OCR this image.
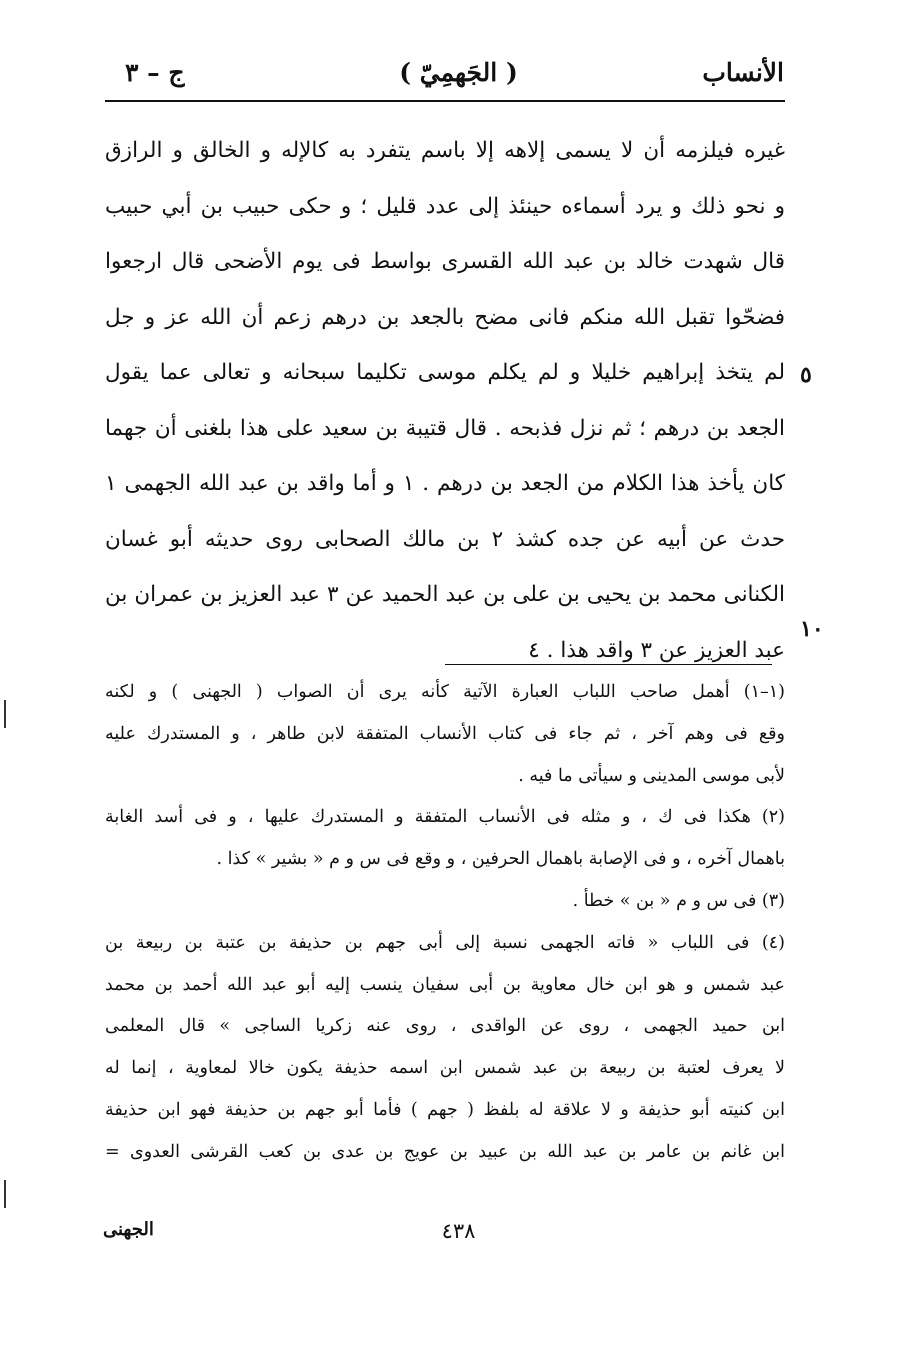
الأنساب
( الجَهمِيّ )
ج – ٣
غيره فيلزمه أن لا يسمى إلاهه إلا باسم يتفرد به كالإله و الخالق و الرازق
و نحو ذلك و يرد أسماءه حينئذ إلى عدد قليل ؛ و حكى حبيب بن أبي حبيب
قال شهدت خالد بن عبد الله القسرى بواسط فى يوم الأضحى قال ارجعوا
فضحّوا تقبل الله منكم فانى مضح بالجعد بن درهم زعم أن الله عز و جل
لم يتخذ إبراهيم خليلا و لم يكلم موسى تكليما سبحانه و تعالى عما يقول
الجعد بن درهم ؛ ثم نزل فذبحه . قال قتيبة بن سعيد على هذا بلغنى أن جهما
كان يأخذ هذا الكلام من الجعد بن درهم . ١ و أما واقد بن عبد الله الجهمى ١
حدث عن أبيه عن جده كشذ ٢ بن مالك الصحابى روى حديثه أبو غسان
الكنانى محمد بن يحيى بن على بن عبد الحميد عن ٣ عبد العزيز بن عمران بن
عبد العزيز عن ٣ واقد هذا . ٤
٥
١٠
(١–١) أهمل صاحب اللباب العبارة الآتية كأنه يرى أن الصواب ( الجهنى ) و لكنه
وقع فى وهم آخر ، ثم جاء فى كتاب الأنساب المتفقة لابن طاهر ، و المستدرك عليه
لأبى موسى المدينى و سيأتى ما فيه .
(٢) هكذا فى ك ، و مثله فى الأنساب المتفقة و المستدرك عليها ، و فى أسد الغابة
باهمال آخره ، و فى الإصابة باهمال الحرفين ، و وقع فى س و م « بشير » كذا .
(٣) فى س و م « بن » خطأ .
(٤) فى اللباب « فاته الجهمى نسبة إلى أبى جهم بن حذيفة بن عتبة بن ربيعة بن
عبد شمس و هو ابن خال معاوية بن أبى سفيان ينسب إليه أبو عبد الله أحمد بن محمد
ابن حميد الجهمى ، روى عن الواقدى ، روى عنه زكريا الساجى » قال المعلمى
لا يعرف لعتبة بن ربيعة بن عبد شمس ابن اسمه حذيفة يكون خالا لمعاوية ، إنما له
ابن كنيته أبو حذيفة و لا علاقة له بلفظ ( جهم ) فأما أبو جهم بن حذيفة فهو ابن حذيفة
ابن غانم بن عامر بن عبد الله بن عبيد بن عويج بن عدى بن كعب القرشى العدوى =
٤٣٨
الجهنى
